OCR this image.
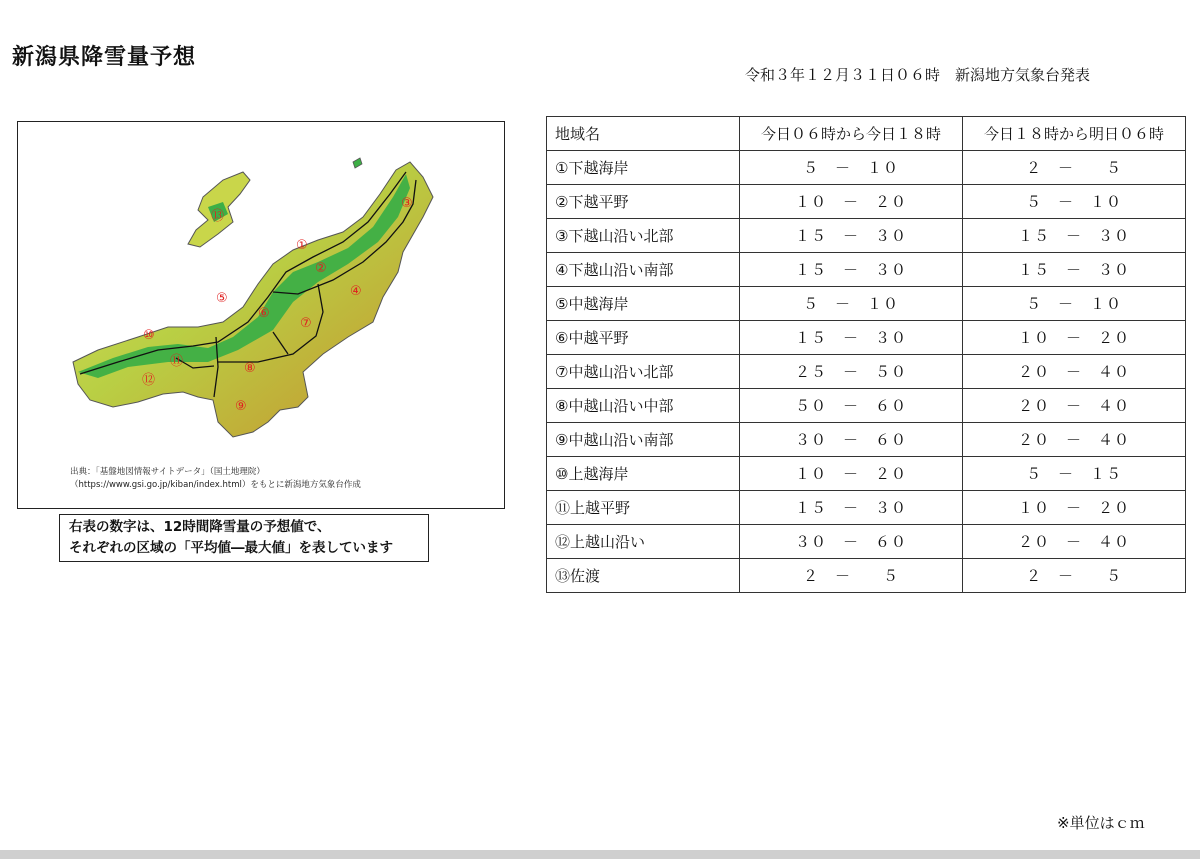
新潟県降雪量予想
令和３年１２月３１日０６時　新潟地方気象台発表
①
②
③
④
⑤
⑥
⑦
⑧
⑨
⑩
⑪
⑫
⑬
出典：「基盤地図情報サイトデータ」（国土地理院）
（https://www.gsi.go.jp/kiban/index.html）をもとに新潟地方気象台作成
右表の数字は、12時間降雪量の予想値で、
それぞれの区域の「平均値―最大値」を表しています
地域名	今日０６時から今日１８時	今日１８時から明日０６時
①下越海岸	５　－　１０	２　－　　５
②下越平野	１０　－　２０	５　－　１０
③下越山沿い北部	１５　－　３０	１５　－　３０
④下越山沿い南部	１５　－　３０	１５　－　３０
⑤中越海岸	５　－　１０	５　－　１０
⑥中越平野	１５　－　３０	１０　－　２０
⑦中越山沿い北部	２５　－　５０	２０　－　４０
⑧中越山沿い中部	５０　－　６０	２０　－　４０
⑨中越山沿い南部	３０　－　６０	２０　－　４０
⑩上越海岸	１０　－　２０	５　－　１５
⑪上越平野	１５　－　３０	１０　－　２０
⑫上越山沿い	３０　－　６０	２０　－　４０
⑬佐渡	２　－　　５	２　－　　５
※単位はｃｍ
